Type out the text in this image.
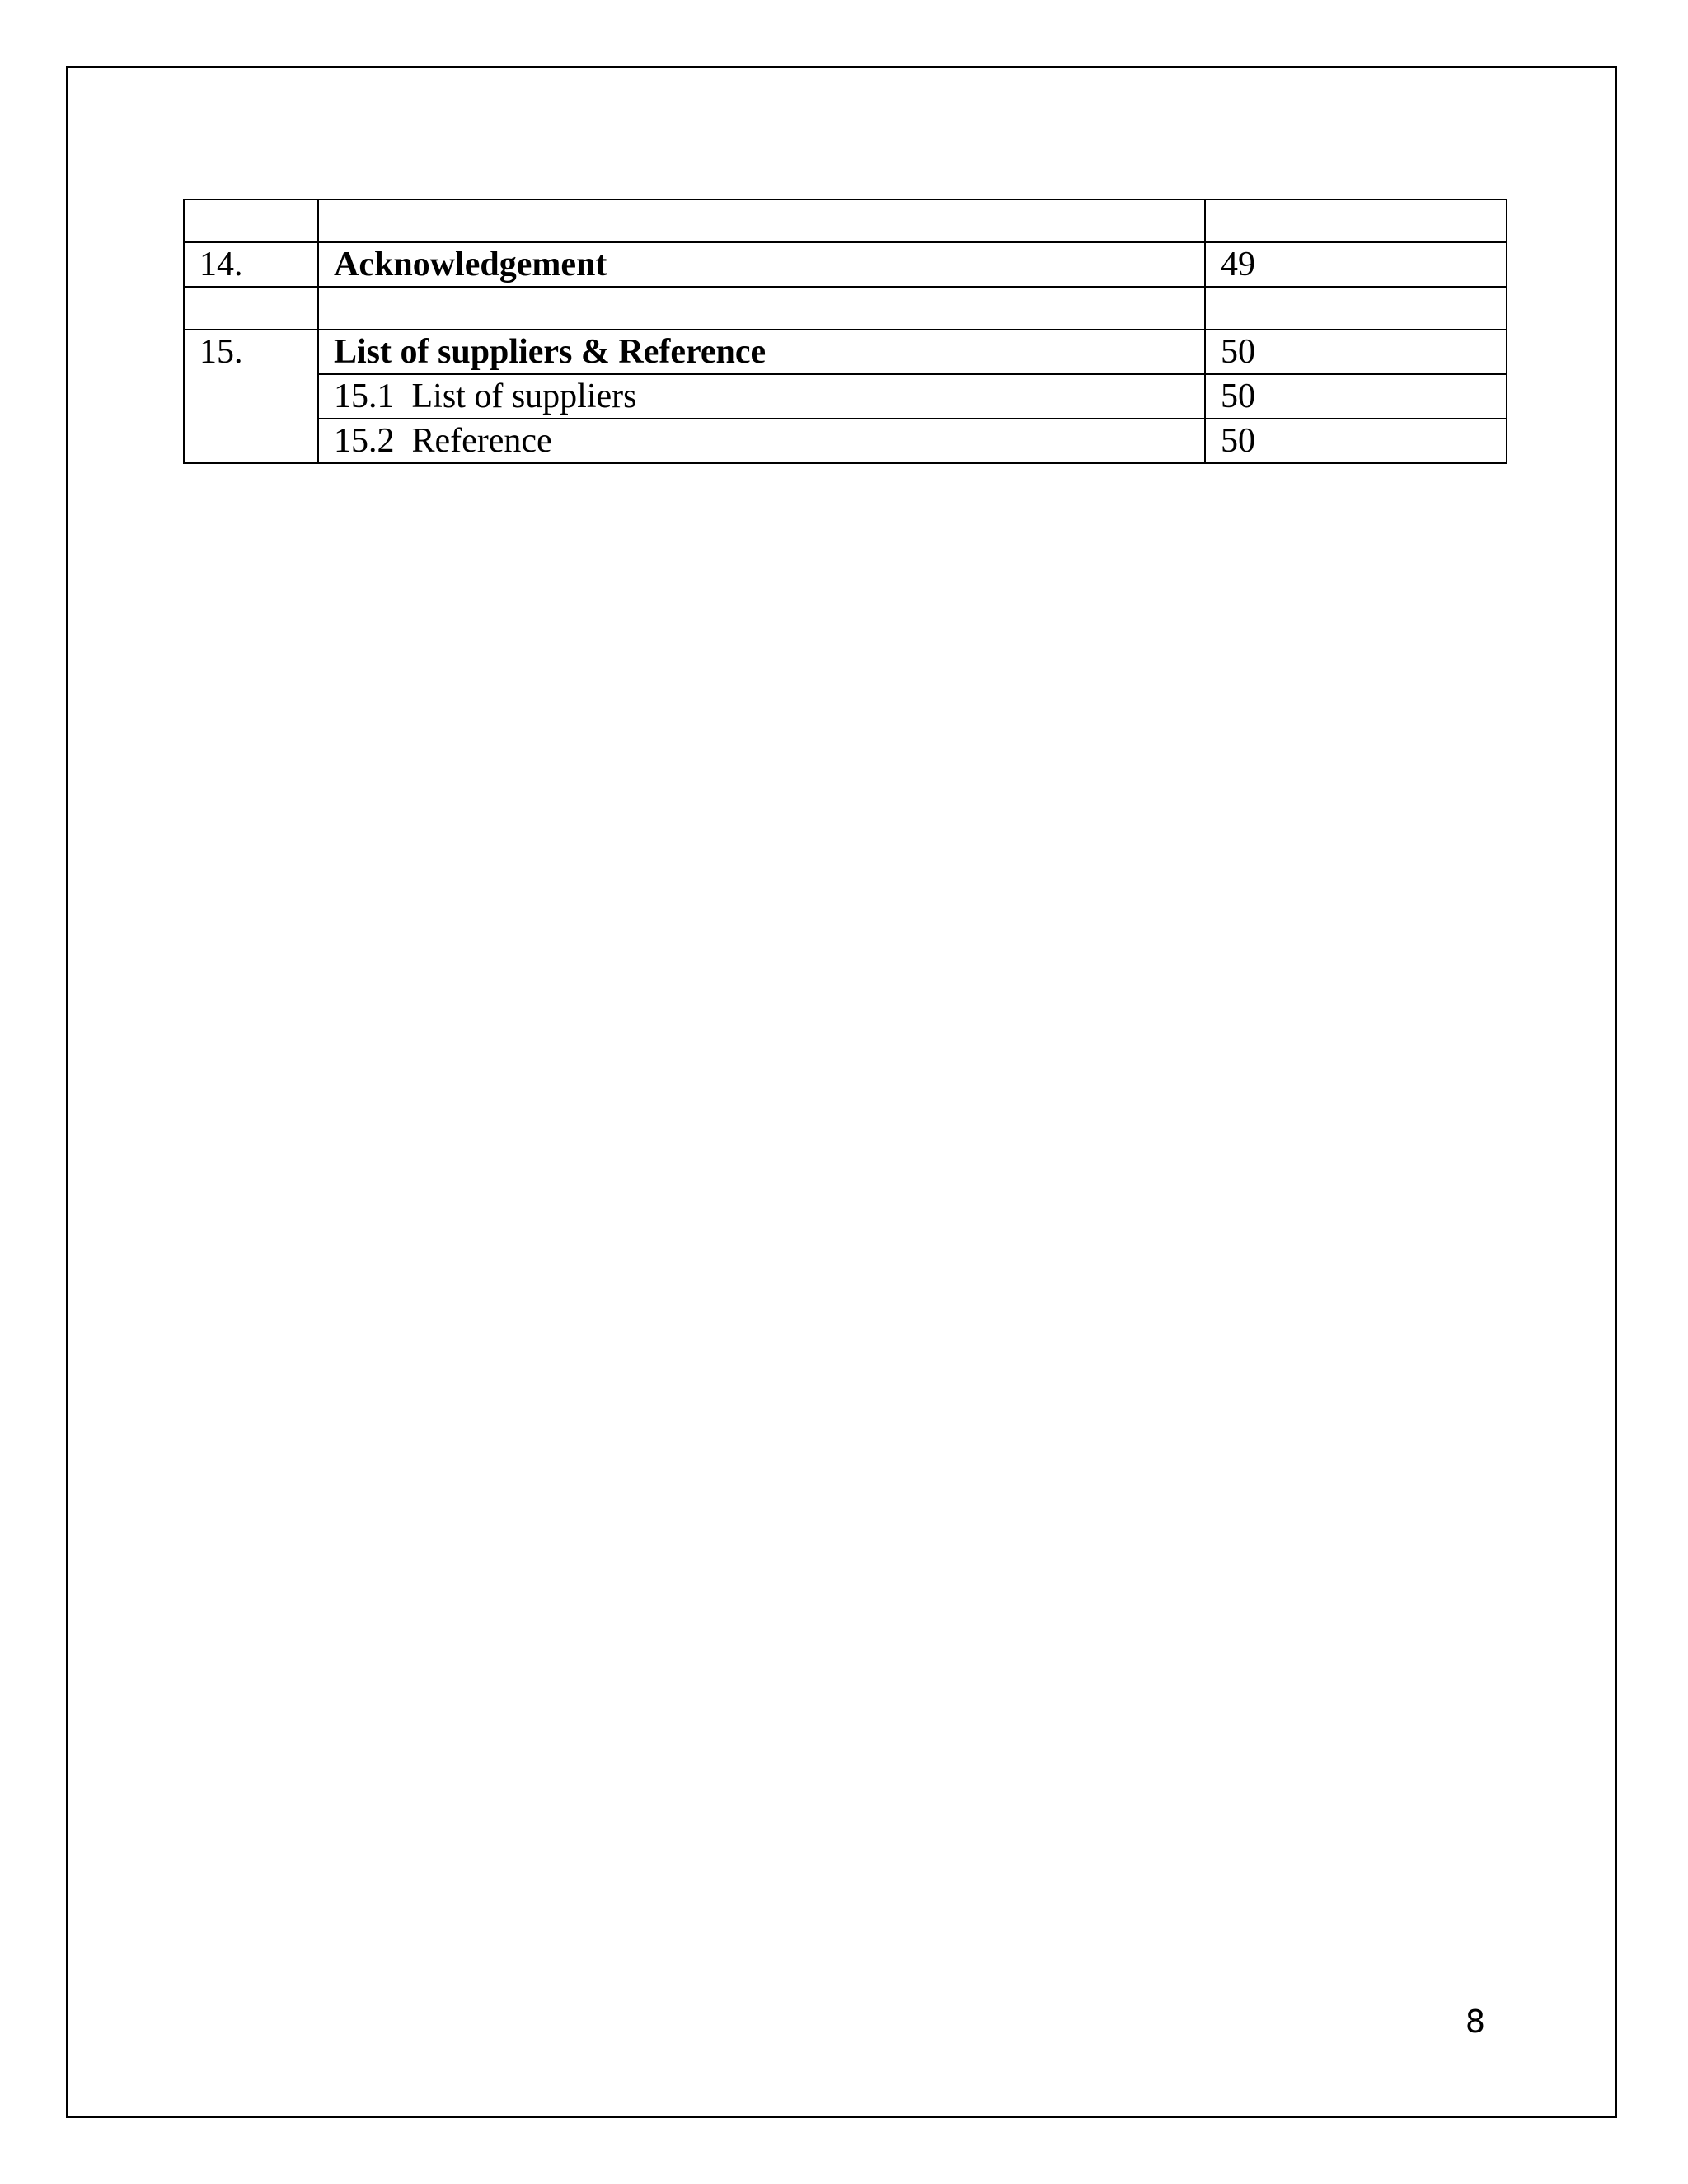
14.	Acknowledgement	49

15.	List of suppliers & Reference	50
	15.1  List of suppliers	50
	15.2  Reference	50
8
